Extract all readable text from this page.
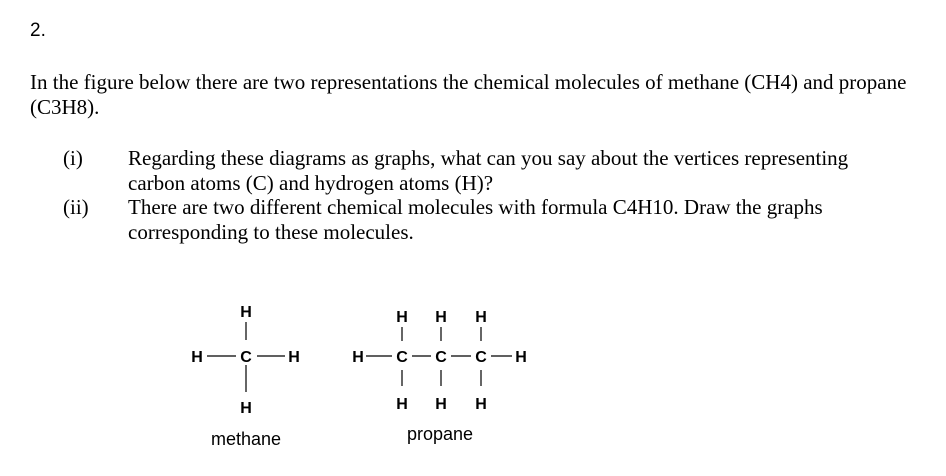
2.
In the figure below there are two representations the chemical molecules of methane (CH4) and propane (C3H8).
(i)	Regarding these diagrams as graphs, what can you say about the vertices representing carbon atoms (C) and hydrogen atoms (H)?
(ii)	There are two different chemical molecules with formula C4H10. Draw the graphs corresponding to these molecules.
H
H C H
H
methane
H H H
H C C C H
H H H
propane
